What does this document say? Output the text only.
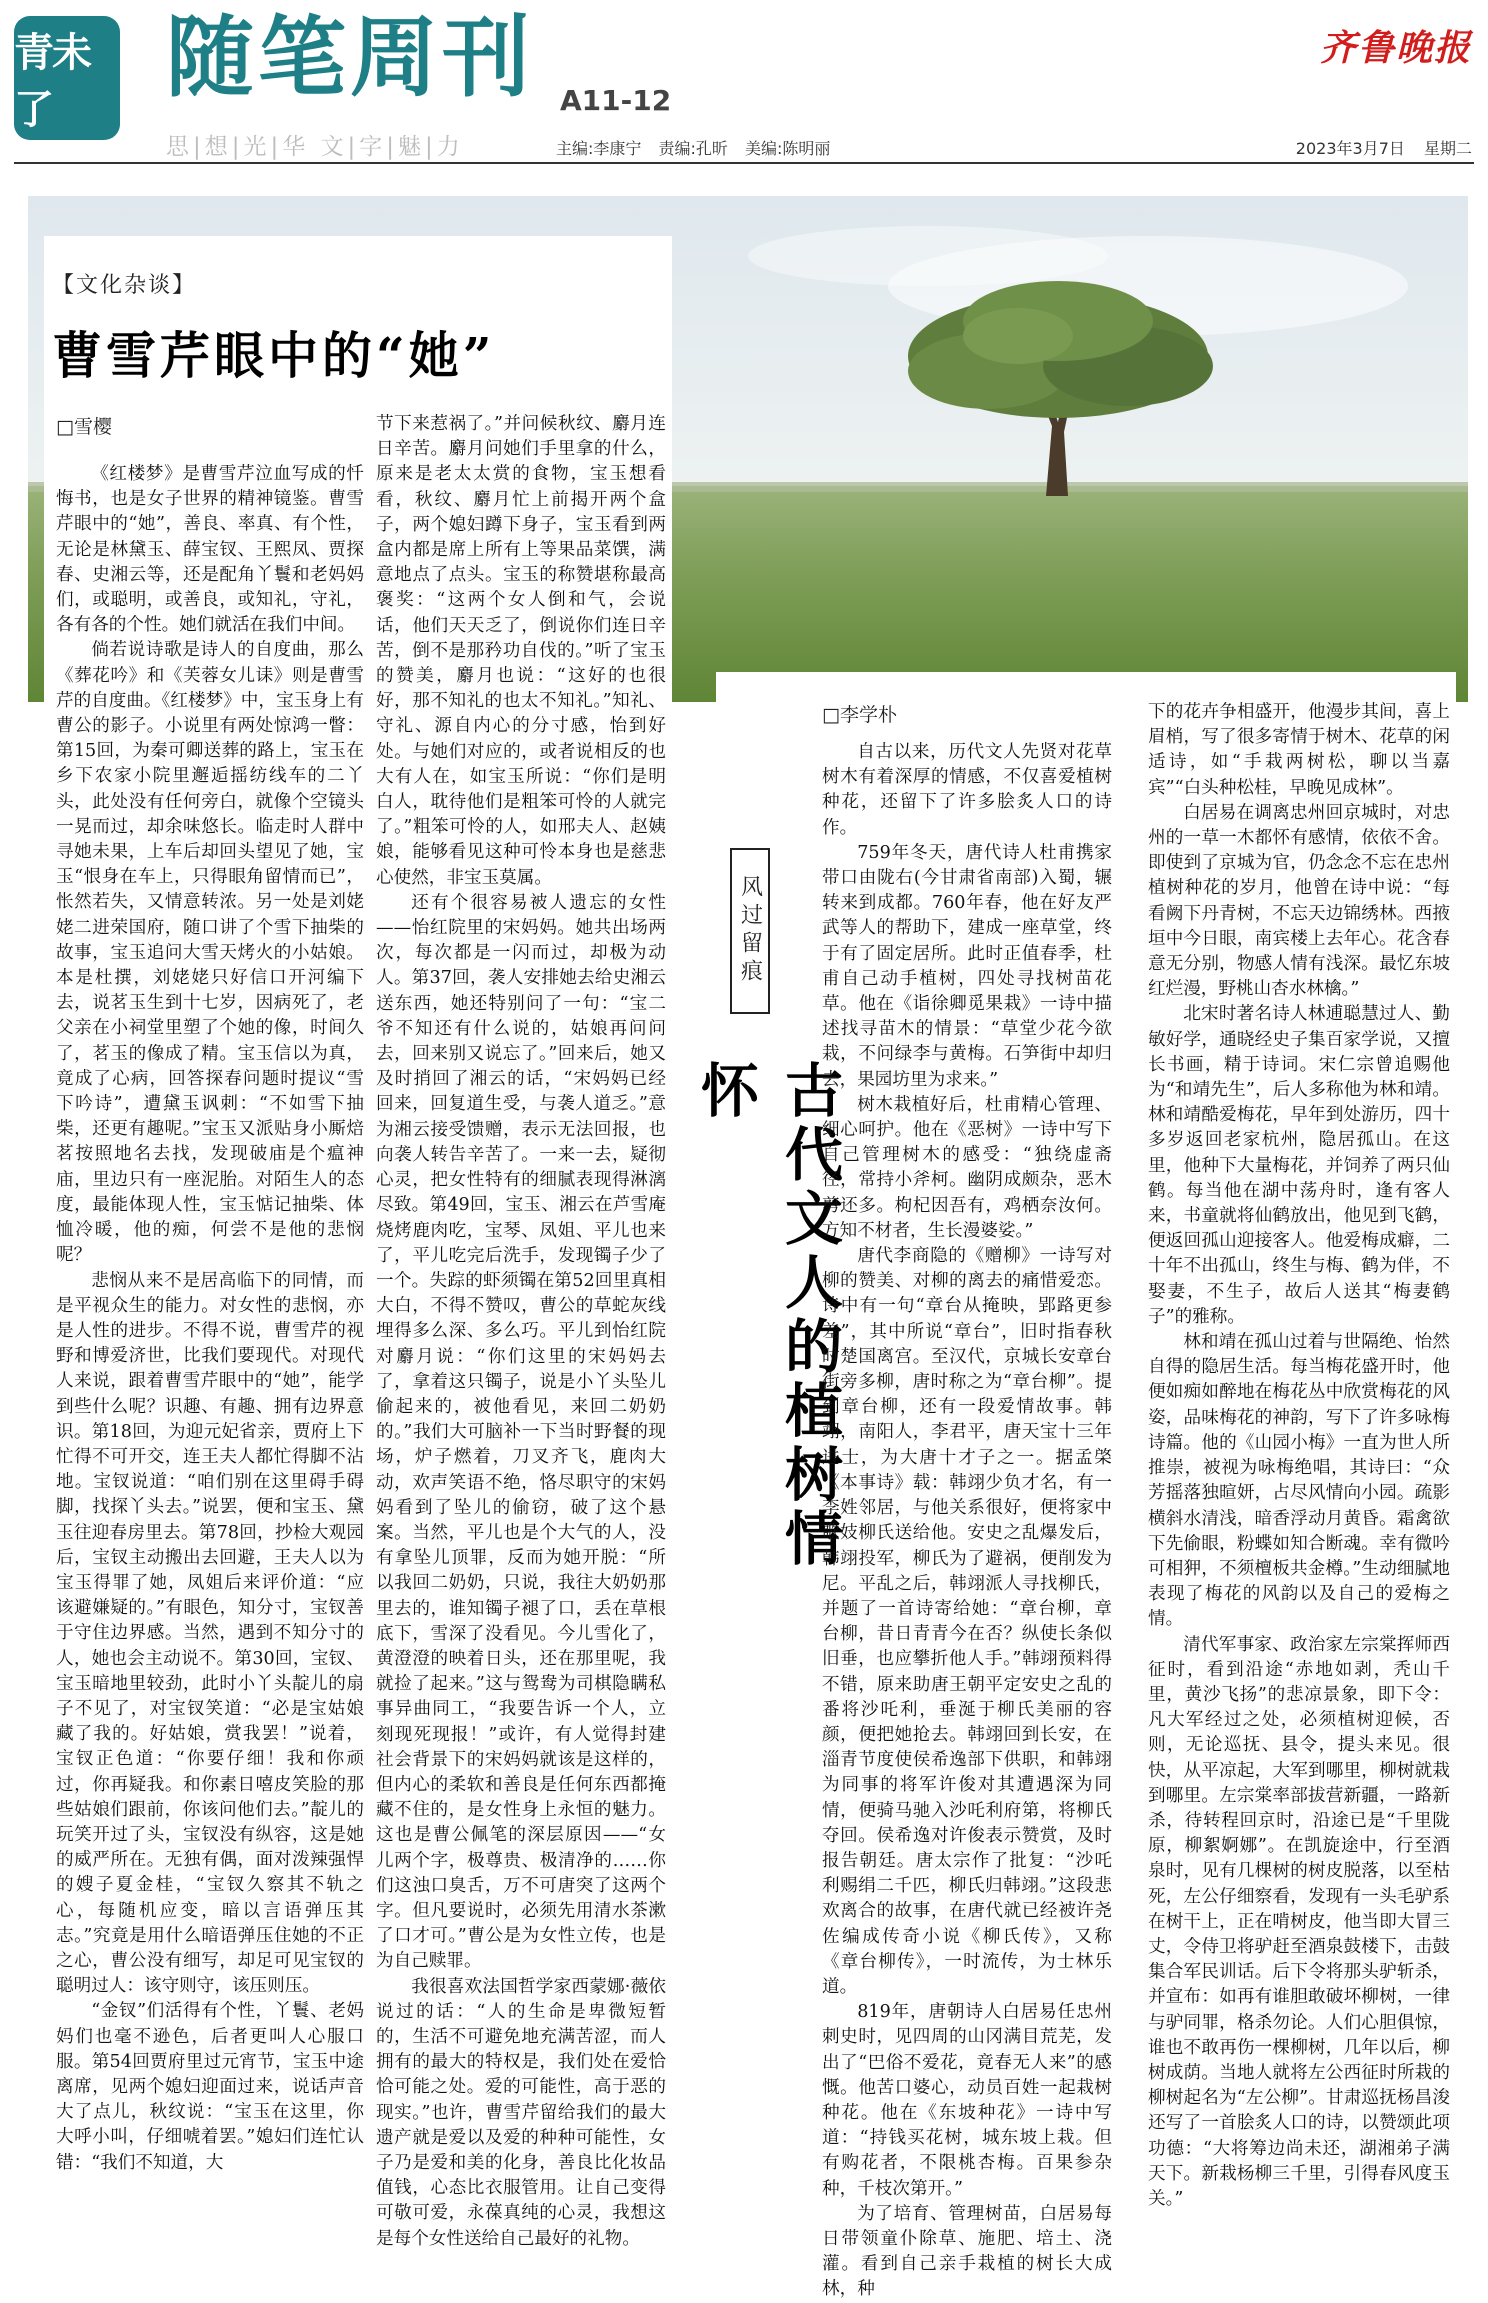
青未了
随笔周刊 A11-12
齐鲁晚报
思|想|光|华 文|字|魅|力	主编:李康宁 责编:孔昕 美编:陈明丽	2023年3月7日 星期二
【文化杂谈】
曹雪芹眼中的“她”
□雪樱

《红楼梦》是曹雪芹泣血写成的忏悔书，也是女子世界的精神镜鉴。曹雪芹眼中的“她”，善良、率真、有个性，无论是林黛玉、薛宝钗、王熙凤、贾探春、史湘云等，还是配角丫鬟和老妈妈们，或聪明，或善良，或知礼，守礼，各有各的个性。她们就活在我们中间。

倘若说诗歌是诗人的自度曲，那么《葬花吟》和《芙蓉女儿诔》则是曹雪芹的自度曲。《红楼梦》中，宝玉身上有曹公的影子。小说里有两处惊鸿一瞥：第15回，为秦可卿送葬的路上，宝玉在乡下农家小院里邂逅摇纺线车的二丫头，此处没有任何旁白，就像个空镜头一晃而过，却余味悠长。临走时人群中寻她未果，上车后却回头望见了她，宝玉“恨身在车上，只得眼角留情而已”，怅然若失，又情意转浓。另一处是刘姥姥二进荣国府，随口讲了个雪下抽柴的故事，宝玉追问大雪天烤火的小姑娘。本是杜撰，刘姥姥只好信口开河编下去，说茗玉生到十七岁，因病死了，老父亲在小祠堂里塑了个她的像，时间久了，茗玉的像成了精。宝玉信以为真，竟成了心病，回答探春问题时提议“雪下吟诗”，遭黛玉讽刺：“不如雪下抽柴，还更有趣呢。”宝玉又派贴身小厮焙茗按照地名去找，发现破庙是个瘟神庙，里边只有一座泥胎。对陌生人的态度，最能体现人性，宝玉惦记抽柴、体恤冷暖，他的痴，何尝不是他的悲悯呢？

悲悯从来不是居高临下的同情，而是平视众生的能力。对女性的悲悯，亦是人性的进步。不得不说，曹雪芹的视野和博爱济世，比我们要现代。对现代人来说，跟着曹雪芹眼中的“她”，能学到些什么呢？识趣、有趣、拥有边界意识。第18回，为迎元妃省亲，贾府上下忙得不可开交，连王夫人都忙得脚不沾地。宝钗说道：“咱们别在这里碍手碍脚，找探丫头去。”说罢，便和宝玉、黛玉往迎春房里去。第78回，抄检大观园后，宝钗主动搬出去回避，王夫人以为宝玉得罪了她，凤姐后来评价道：“应该避嫌疑的。”有眼色，知分寸，宝钗善于守住边界感。当然，遇到不知分寸的人，她也会主动说不。第30回，宝钗、宝玉暗地里较劲，此时小丫头靛儿的扇子不见了，对宝钗笑道：“必是宝姑娘藏了我的。好姑娘，赏我罢！”说着，宝钗正色道：“你要仔细！我和你顽过，你再疑我。和你素日嘻皮笑脸的那些姑娘们跟前，你该问他们去。”靛儿的玩笑开过了头，宝钗没有纵容，这是她的威严所在。无独有偶，面对泼辣强悍的嫂子夏金桂，“宝钗久察其不轨之心，每随机应变，暗以言语弹压其志。”究竟是用什么暗语弹压住她的不正之心，曹公没有细写，却足可见宝钗的聪明过人：该守则守，该压则压。

“金钗”们活得有个性，丫鬟、老妈妈们也毫不逊色，后者更叫人心服口服。第54回贾府里过元宵节，宝玉中途离席，见两个媳妇迎面过来，说话声音大了点儿，秋纹说：“宝玉在这里，你大呼小叫，仔细唬着罢。”媳妇们连忙认错：“我们不知道，大

节下来惹祸了。”并问候秋纹、麝月连日辛苦。麝月问她们手里拿的什么，原来是老太太赏的食物，宝玉想看看，秋纹、麝月忙上前揭开两个盒子，两个媳妇蹲下身子，宝玉看到两盒内都是席上所有上等果品菜馔，满意地点了点头。宝玉的称赞堪称最高褒奖：“这两个女人倒和气，会说话，他们天天乏了，倒说你们连日辛苦，倒不是那矜功自伐的。”听了宝玉的赞美，麝月也说：“这好的也很好，那不知礼的也太不知礼。”知礼、守礼、源自内心的分寸感，怡到好处。与她们对应的，或者说相反的也大有人在，如宝玉所说：“你们是明白人，耽待他们是粗笨可怜的人就完了。”粗笨可怜的人，如邢夫人、赵姨娘，能够看见这种可怜本身也是慈悲心使然，非宝玉莫属。

还有个很容易被人遗忘的女性——怡红院里的宋妈妈。她共出场两次，每次都是一闪而过，却极为动人。第37回，袭人安排她去给史湘云送东西，她还特别问了一句：“宝二爷不知还有什么说的，姑娘再问问去，回来别又说忘了。”回来后，她又及时捎回了湘云的话，“宋妈妈已经回来，回复道生受，与袭人道乏。”意为湘云接受馈赠，表示无法回报，也向袭人转告辛苦了。一来一去，疑彻心灵，把女性特有的细腻表现得淋漓尽致。第49回，宝玉、湘云在芦雪庵烧烤鹿肉吃，宝琴、凤姐、平儿也来了，平儿吃完后洗手，发现镯子少了一个。失踪的虾须镯在第52回里真相大白，不得不赞叹，曹公的草蛇灰线埋得多么深、多么巧。平儿到怡红院对麝月说：“你们这里的宋妈妈去了，拿着这只镯子，说是小丫头坠儿偷起来的，被他看见，来回二奶奶的。”我们大可脑补一下当时野餐的现场，炉子燃着，刀叉齐飞，鹿肉大动，欢声笑语不绝，恪尽职守的宋妈妈看到了坠儿的偷窃，破了这个悬案。当然，平儿也是个大气的人，没有拿坠儿顶罪，反而为她开脱：“所以我回二奶奶，只说，我往大奶奶那里去的，谁知镯子褪了口，丢在草根底下，雪深了没看见。今儿雪化了，黄澄澄的映着日头，还在那里呢，我就捡了起来。”这与鸳鸯为司棋隐瞒私事异曲同工，“我要告诉一个人，立刻现死现报！”或许，有人觉得封建社会背景下的宋妈妈就该是这样的，但内心的柔软和善良是任何东西都掩藏不住的，是女性身上永恒的魅力。这也是曹公佩笔的深层原因——“女儿两个字，极尊贵、极清净的……你们这浊口臭舌，万不可唐突了这两个字。但凡要说时，必须先用清水茶漱了口才可。”曹公是为女性立传，也是为自己赎罪。

我很喜欢法国哲学家西蒙娜·薇依说过的话：“人的生命是卑微短暂的，生活不可避免地充满苦涩，而人拥有的最大的特权是，我们处在爱恰恰可能之处。爱的可能性，高于恶的现实。”也许，曹雪芹留给我们的最大遗产就是爱以及爱的种种可能性，女子乃是爱和美的化身，善良比化妆品值钱，心态比衣服管用。让自己变得可敬可爱，永葆真纯的心灵，我想这是每个女性送给自己最好的礼物。

□李学朴
风过留痕
古代文人的植树情怀

自古以来，历代文人先贤对花草树木有着深厚的情感，不仅喜爱植树种花，还留下了许多脍炙人口的诗作。

759年冬天，唐代诗人杜甫携家带口由陇右(今甘肃省南部)入蜀，辗转来到成都。760年春，他在好友严武等人的帮助下，建成一座草堂，终于有了固定居所。此时正值春季，杜甫自己动手植树，四处寻找树苗花草。他在《诣徐卿觅果栽》一诗中描述找寻苗木的情景：“草堂少花今欲栽，不问绿李与黄梅。石笋街中却归去，果园坊里为求来。”

树木栽植好后，杜甫精心管理、细心呵护。他在《恶树》一诗中写下自己管理树木的感受：“独绕虚斋径，常持小斧柯。幽阴成颇杂，恶木剪还多。枸杞因吾有，鸡栖奈汝何。方知不材者，生长漫婆娑。”

唐代李商隐的《赠柳》一诗写对柳的赞美、对柳的离去的痛惜爱恋。诗中有一句“章台从掩映，郢路更参差”，其中所说“章台”，旧时指春秋时楚国离宫。至汉代，京城长安章台街旁多柳，唐时称之为“章台柳”。提到章台柳，还有一段爱情故事。韩翊，南阳人，李君平，唐天宝十三年进士，为大唐十才子之一。据孟棨《本事诗》载：韩翊少负才名，有一李姓邻居，与他关系很好，便将家中歌妓柳氏送给他。安史之乱爆发后，韩翊投军，柳氏为了避祸，便削发为尼。平乱之后，韩翊派人寻找柳氏，并题了一首诗寄给她：“章台柳，章台柳，昔日青青今在否？纵使长条似旧垂，也应攀折他人手。”韩翊预料得不错，原来助唐王朝平定安史之乱的番将沙吒利，垂涎于柳氏美丽的容颜，便把她抢去。韩翊回到长安，在淄青节度使侯希逸部下供职，和韩翊为同事的将军许俊对其遭遇深为同情，便骑马驰入沙吒利府第，将柳氏夺回。侯希逸对许俊表示赞赏，及时报告朝廷。唐太宗作了批复：“沙吒利赐绢二千匹，柳氏归韩翊。”这段悲欢离合的故事，在唐代就已经被许尧佐编成传奇小说《柳氏传》，又称《章台柳传》，一时流传，为士林乐道。

819年，唐朝诗人白居易任忠州刺史时，见四周的山冈满目荒芜，发出了“巴俗不爱花，竟春无人来”的感慨。他苦口婆心，动员百姓一起栽树种花。他在《东坡种花》一诗中写道：“持钱买花树，城东坡上栽。但有购花者，不限桃杏梅。百果参杂种，千枝次第开。”

为了培育、管理树苗，白居易每日带领童仆除草、施肥、培土、浇灌。看到自己亲手栽植的树长大成林，种

下的花卉争相盛开，他漫步其间，喜上眉梢，写了很多寄情于树木、花草的闲适诗，如“手栽两树松，聊以当嘉宾”“白头种松桂，早晚见成林”。

白居易在调离忠州回京城时，对忠州的一草一木都怀有感情，依依不舍。即使到了京城为官，仍念念不忘在忠州植树种花的岁月，他曾在诗中说：“每看阙下丹青树，不忘天边锦绣林。西掖垣中今日眼，南宾楼上去年心。花含春意无分别，物感人情有浅深。最忆东坡红烂漫，野桃山杏水林檎。”

北宋时著名诗人林逋聪慧过人、勤敏好学，通晓经史子集百家学说，又擅长书画，精于诗词。宋仁宗曾追赐他为“和靖先生”，后人多称他为林和靖。林和靖酷爱梅花，早年到处游历，四十多岁返回老家杭州，隐居孤山。在这里，他种下大量梅花，并饲养了两只仙鹤。每当他在湖中荡舟时，逢有客人来，书童就将仙鹤放出，他见到飞鹤，便返回孤山迎接客人。他爱梅成癖，二十年不出孤山，终生与梅、鹤为伴，不娶妻，不生子，故后人送其“梅妻鹤子”的雅称。

林和靖在孤山过着与世隔绝、怡然自得的隐居生活。每当梅花盛开时，他便如痴如醉地在梅花丛中欣赏梅花的风姿，品味梅花的神韵，写下了许多咏梅诗篇。他的《山园小梅》一直为世人所推崇，被视为咏梅绝唱，其诗曰：“众芳摇落独暄妍，占尽风情向小园。疏影横斜水清浅，暗香浮动月黄昏。霜禽欲下先偷眼，粉蝶如知合断魂。幸有微吟可相狎，不须檀板共金樽。”生动细腻地表现了梅花的风韵以及自己的爱梅之情。

清代军事家、政治家左宗棠挥师西征时，看到沿途“赤地如剥，秃山千里，黄沙飞扬”的悲凉景象，即下令：凡大军经过之处，必须植树迎候，否则，无论巡抚、县令，提头来见。很快，从平凉起，大军到哪里，柳树就栽到哪里。左宗棠率部拔营新疆，一路新杀，待转程回京时，沿途已是“千里陇原，柳絮婀娜”。在凯旋途中，行至酒泉时，见有几棵树的树皮脱落，以至枯死，左公仔细察看，发现有一头毛驴系在树干上，正在啃树皮，他当即大冒三丈，令侍卫将驴赶至酒泉鼓楼下，击鼓集合军民训话。后下令将那头驴斩杀，并宣布：如再有谁胆敢破坏柳树，一律与驴同罪，格杀勿论。人们心胆俱惊，谁也不敢再伤一棵柳树，几年以后，柳树成荫。当地人就将左公西征时所栽的柳树起名为“左公柳”。甘肃巡抚杨昌浚还写了一首脍炙人口的诗，以赞颂此项功德：“大将筹边尚未还，湖湘弟子满天下。新栽杨柳三千里，引得春风度玉关。”
